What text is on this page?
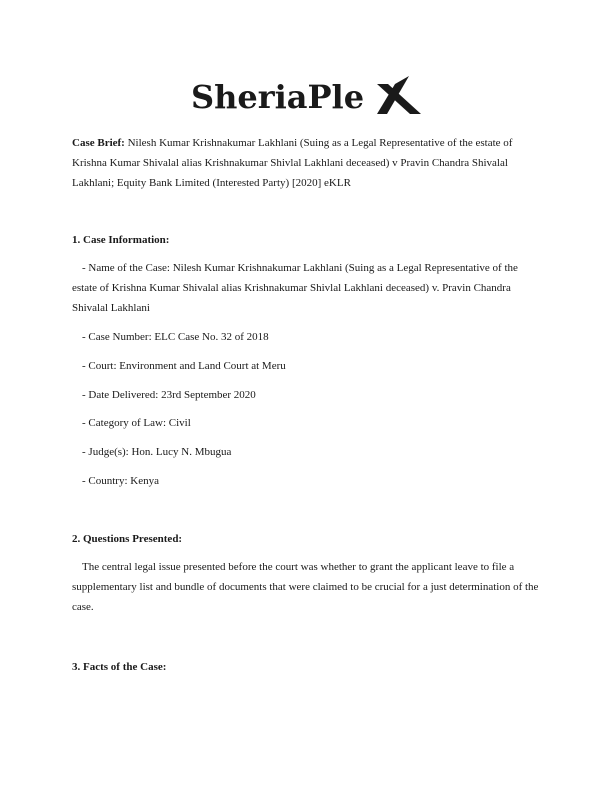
SheriaPle

Case Brief: Nilesh Kumar Krishnakumar Lakhlani (Suing as a Legal Representative of the estate of Krishna Kumar Shivalal alias Krishnakumar Shivlal Lakhlani deceased) v Pravin Chandra Shivalal Lakhlani; Equity Bank Limited (Interested Party) [2020] eKLR

1. Case Information:

- Name of the Case: Nilesh Kumar Krishnakumar Lakhlani (Suing as a Legal Representative of the estate of Krishna Kumar Shivalal alias Krishnakumar Shivlal Lakhlani deceased) v. Pravin Chandra Shivalal Lakhlani

- Case Number: ELC Case No. 32 of 2018

- Court: Environment and Land Court at Meru

- Date Delivered: 23rd September 2020

- Category of Law: Civil

- Judge(s): Hon. Lucy N. Mbugua

- Country: Kenya

2. Questions Presented:

The central legal issue presented before the court was whether to grant the applicant leave to file a supplementary list and bundle of documents that were claimed to be crucial for a just determination of the case.

3. Facts of the Case:
